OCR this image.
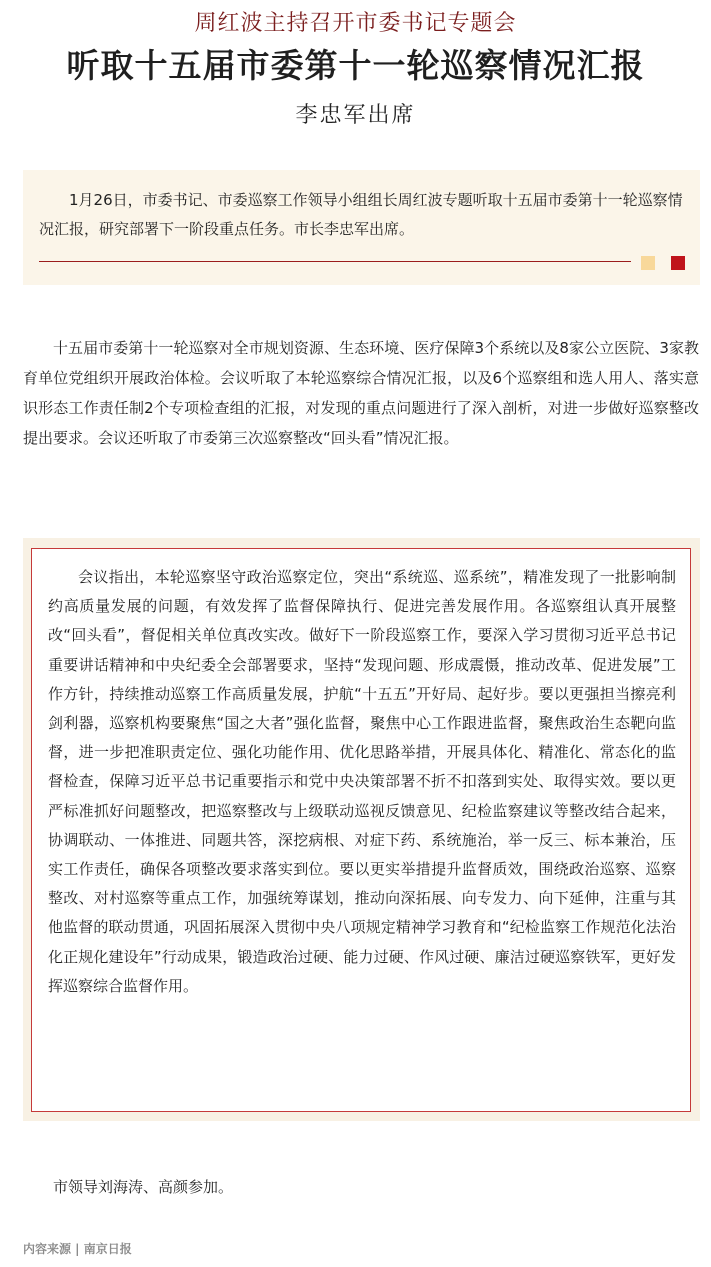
周红波主持召开市委书记专题会
听取十五届市委第十一轮巡察情况汇报
李忠军出席
1月26日，市委书记、市委巡察工作领导小组组长周红波专题听取十五届市委第十一轮巡察情况汇报，研究部署下一阶段重点任务。市长李忠军出席。
十五届市委第十一轮巡察对全市规划资源、生态环境、医疗保障3个系统以及8家公立医院、3家教育单位党组织开展政治体检。会议听取了本轮巡察综合情况汇报，以及6个巡察组和选人用人、落实意识形态工作责任制2个专项检查组的汇报，对发现的重点问题进行了深入剖析，对进一步做好巡察整改提出要求。会议还听取了市委第三次巡察整改“回头看”情况汇报。
会议指出，本轮巡察坚守政治巡察定位，突出“系统巡、巡系统”，精准发现了一批影响制约高质量发展的问题，有效发挥了监督保障执行、促进完善发展作用。各巡察组认真开展整改“回头看”，督促相关单位真改实改。做好下一阶段巡察工作，要深入学习贯彻习近平总书记重要讲话精神和中央纪委全会部署要求，坚持“发现问题、形成震慑，推动改革、促进发展”工作方针，持续推动巡察工作高质量发展，护航“十五五”开好局、起好步。要以更强担当擦亮利剑利器，巡察机构要聚焦“国之大者”强化监督，聚焦中心工作跟进监督，聚焦政治生态靶向监督，进一步把准职责定位、强化功能作用、优化思路举措，开展具体化、精准化、常态化的监督检查，保障习近平总书记重要指示和党中央决策部署不折不扣落到实处、取得实效。要以更严标准抓好问题整改，把巡察整改与上级联动巡视反馈意见、纪检监察建议等整改结合起来，协调联动、一体推进、同题共答，深挖病根、对症下药、系统施治，举一反三、标本兼治，压实工作责任，确保各项整改要求落实到位。要以更实举措提升监督质效，围绕政治巡察、巡察整改、对村巡察等重点工作，加强统筹谋划，推动向深拓展、向专发力、向下延伸，注重与其他监督的联动贯通，巩固拓展深入贯彻中央八项规定精神学习教育和“纪检监察工作规范化法治化正规化建设年”行动成果，锻造政治过硬、能力过硬、作风过硬、廉洁过硬巡察铁军，更好发挥巡察综合监督作用。
市领导刘海涛、高颜参加。
内容来源 | 南京日报
